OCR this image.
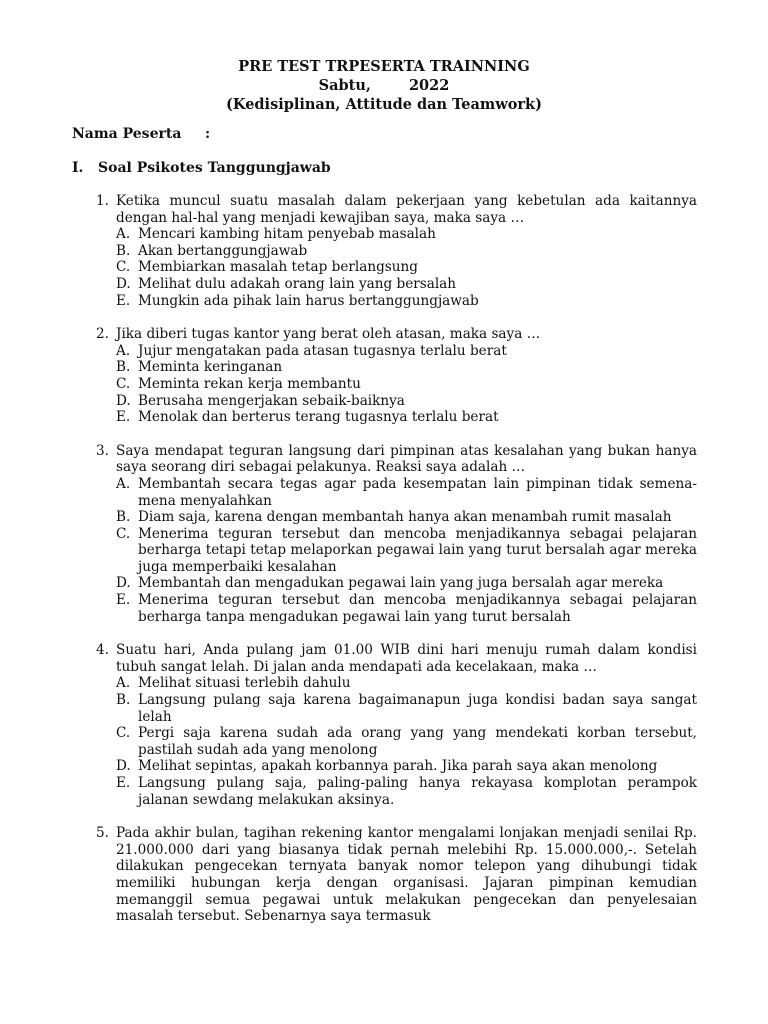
PRE TEST TRPESERTA TRAINNING
Sabtu,	2022
(Kedisiplinan, Attitude dan Teamwork)
Nama Peserta :
I. Soal Psikotes Tanggungjawab
1. Ketika muncul suatu masalah dalam pekerjaan yang kebetulan ada kaitannya dengan hal-hal yang menjadi kewajiban saya, maka saya …
A. Mencari kambing hitam penyebab masalah
B. Akan bertanggungjawab
C. Membiarkan masalah tetap berlangsung
D. Melihat dulu adakah orang lain yang bersalah
E. Mungkin ada pihak lain harus bertanggungjawab
2. Jika diberi tugas kantor yang berat oleh atasan, maka saya …
A. Jujur mengatakan pada atasan tugasnya terlalu berat
B. Meminta keringanan
C. Meminta rekan kerja membantu
D. Berusaha mengerjakan sebaik-baiknya
E. Menolak dan berterus terang tugasnya terlalu berat
3. Saya mendapat teguran langsung dari pimpinan atas kesalahan yang bukan hanya saya seorang diri sebagai pelakunya. Reaksi saya adalah …
A. Membantah secara tegas agar pada kesempatan lain pimpinan tidak semena-mena menyalahkan
B. Diam saja, karena dengan membantah hanya akan menambah rumit masalah
C. Menerima teguran tersebut dan mencoba menjadikannya sebagai pelajaran berharga tetapi tetap melaporkan pegawai lain yang turut bersalah agar mereka juga memperbaiki kesalahan
D. Membantah dan mengadukan pegawai lain yang juga bersalah agar mereka
E. Menerima teguran tersebut dan mencoba menjadikannya sebagai pelajaran berharga tanpa mengadukan pegawai lain yang turut bersalah
4. Suatu hari, Anda pulang jam 01.00 WIB dini hari menuju rumah dalam kondisi tubuh sangat lelah. Di jalan anda mendapati ada kecelakaan, maka …
A. Melihat situasi terlebih dahulu
B. Langsung pulang saja karena bagaimanapun juga kondisi badan saya sangat lelah
C. Pergi saja karena sudah ada orang yang yang mendekati korban tersebut, pastilah sudah ada yang menolong
D. Melihat sepintas, apakah korbannya parah. Jika parah saya akan menolong
E. Langsung pulang saja, paling-paling hanya rekayasa komplotan perampok jalanan sewdang melakukan aksinya.
5. Pada akhir bulan, tagihan rekening kantor mengalami lonjakan menjadi senilai Rp. 21.000.000 dari yang biasanya tidak pernah melebihi Rp. 15.000.000,-. Setelah dilakukan pengecekan ternyata banyak nomor telepon yang dihubungi tidak memiliki hubungan kerja dengan organisasi. Jajaran pimpinan kemudian memanggil semua pegawai untuk melakukan pengecekan dan penyelesaian masalah tersebut. Sebenarnya saya termasuk
